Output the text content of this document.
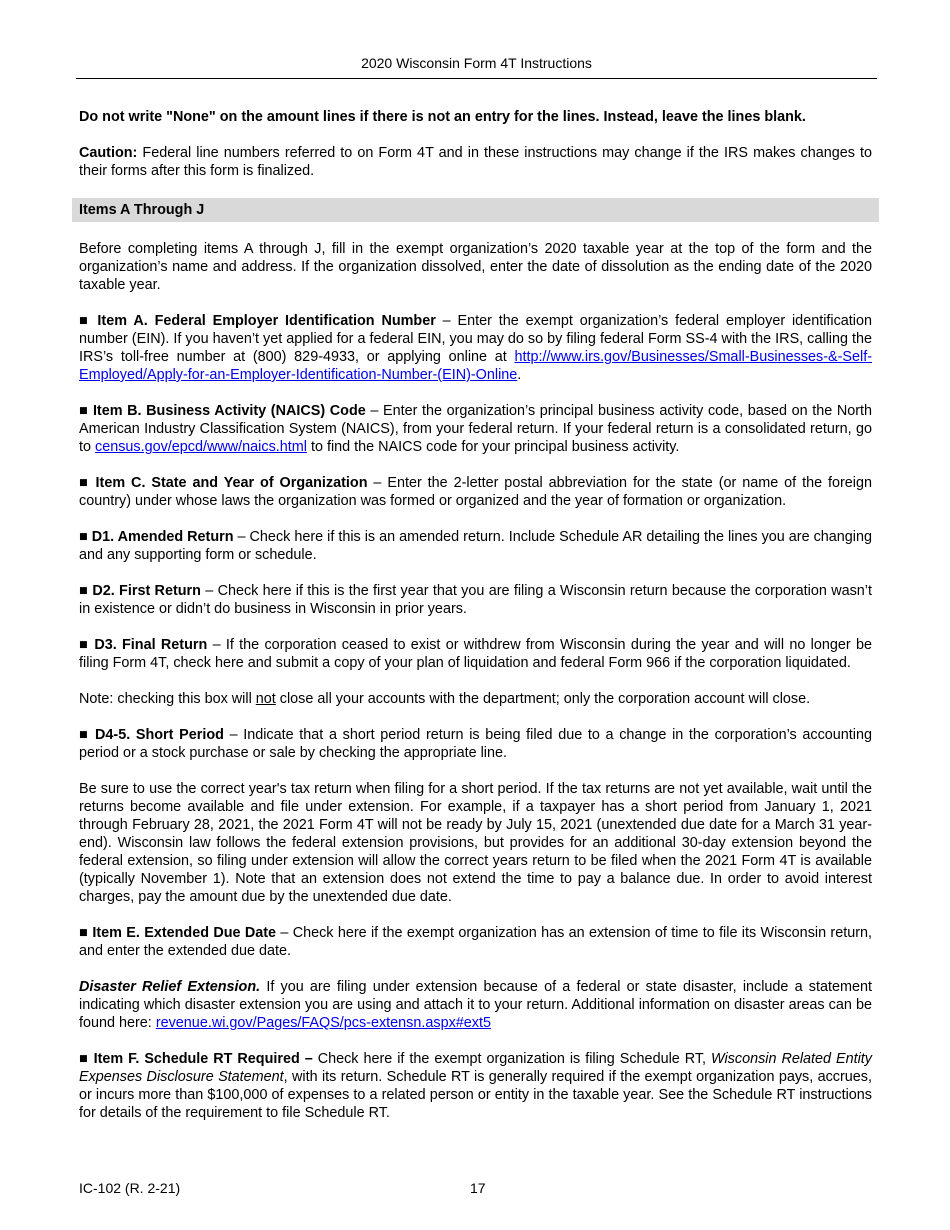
2020 Wisconsin Form 4T Instructions

Do not write "None" on the amount lines if there is not an entry for the lines. Instead, leave the lines blank.

Caution: Federal line numbers referred to on Form 4T and in these instructions may change if the IRS makes changes to their forms after this form is finalized.

Items A Through J

Before completing items A through J, fill in the exempt organization’s 2020 taxable year at the top of the form and the organization’s name and address. If the organization dissolved, enter the date of dissolution as the ending date of the 2020 taxable year.

■ Item A. Federal Employer Identification Number – Enter the exempt organization’s federal employer identification number (EIN). If you haven’t yet applied for a federal EIN, you may do so by filing federal Form SS-4 with the IRS, calling the IRS’s toll-free number at (800) 829-4933, or applying online at http://www.irs.gov/Businesses/Small-Businesses-&-Self-Employed/Apply-for-an-Employer-Identification-Number-(EIN)-Online.

■ Item B. Business Activity (NAICS) Code – Enter the organization’s principal business activity code, based on the North American Industry Classification System (NAICS), from your federal return. If your federal return is a consolidated return, go to census.gov/epcd/www/naics.html to find the NAICS code for your principal business activity.

■ Item C. State and Year of Organization – Enter the 2-letter postal abbreviation for the state (or name of the foreign country) under whose laws the organization was formed or organized and the year of formation or organization.

■ D1. Amended Return – Check here if this is an amended return. Include Schedule AR detailing the lines you are changing and any supporting form or schedule.

■ D2. First Return – Check here if this is the first year that you are filing a Wisconsin return because the corporation wasn’t in existence or didn’t do business in Wisconsin in prior years.

■ D3. Final Return – If the corporation ceased to exist or withdrew from Wisconsin during the year and will no longer be filing Form 4T, check here and submit a copy of your plan of liquidation and federal Form 966 if the corporation liquidated.

Note: checking this box will not close all your accounts with the department; only the corporation account will close.

■ D4-5. Short Period – Indicate that a short period return is being filed due to a change in the corporation’s accounting period or a stock purchase or sale by checking the appropriate line.

Be sure to use the correct year's tax return when filing for a short period. If the tax returns are not yet available, wait until the returns become available and file under extension. For example, if a taxpayer has a short period from January 1, 2021 through February 28, 2021, the 2021 Form 4T will not be ready by July 15, 2021 (unextended due date for a March 31 year-end). Wisconsin law follows the federal extension provisions, but provides for an additional 30-day extension beyond the federal extension, so filing under extension will allow the correct years return to be filed when the 2021 Form 4T is available (typically November 1). Note that an extension does not extend the time to pay a balance due. In order to avoid interest charges, pay the amount due by the unextended due date.

■ Item E. Extended Due Date – Check here if the exempt organization has an extension of time to file its Wisconsin return, and enter the extended due date.

Disaster Relief Extension. If you are filing under extension because of a federal or state disaster, include a statement indicating which disaster extension you are using and attach it to your return. Additional information on disaster areas can be found here: revenue.wi.gov/Pages/FAQS/pcs-extensn.aspx#ext5

■ Item F. Schedule RT Required – Check here if the exempt organization is filing Schedule RT, Wisconsin Related Entity Expenses Disclosure Statement, with its return. Schedule RT is generally required if the exempt organization pays, accrues, or incurs more than $100,000 of expenses to a related person or entity in the taxable year. See the Schedule RT instructions for details of the requirement to file Schedule RT.

IC-102 (R. 2-21)	17
